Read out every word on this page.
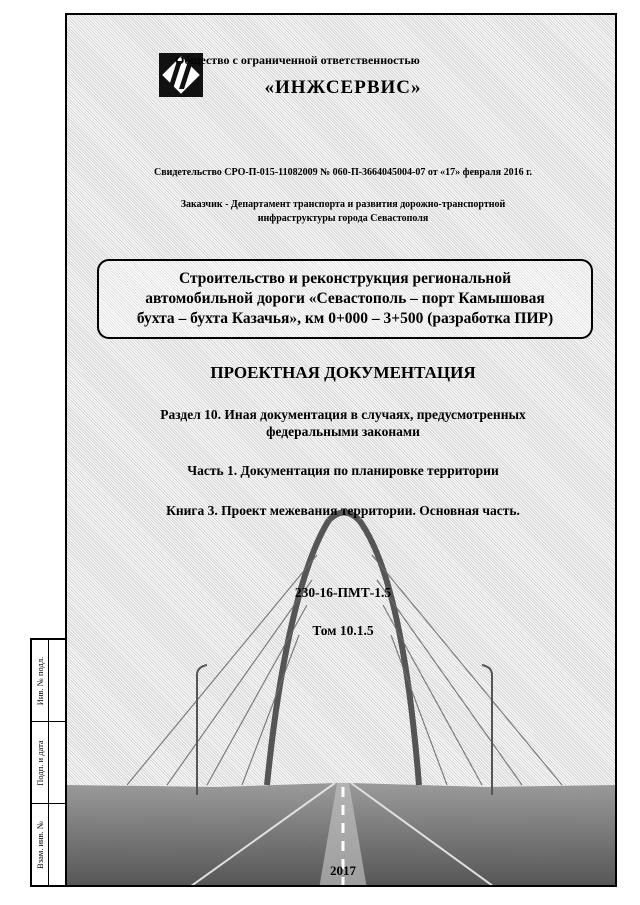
Общество с ограниченной ответственностью
«ИНЖСЕРВИС»
Свидетельство СРО-П-015-11082009 № 060-П-3664045004-07 от «17» февраля 2016 г.
Заказчик - Департамент транспорта и развития дорожно-транспортной
инфраструктуры города Севастополя
Строительство и реконструкция региональной
автомобильной дороги «Севастополь – порт Камышовая
бухта – бухта Казачья», км 0+000 – 3+500 (разработка ПИР)
ПРОЕКТНАЯ ДОКУМЕНТАЦИЯ
Раздел 10. Иная документация в случаях, предусмотренных
федеральными законами
Часть 1. Документация по планировке территории
Книга 3. Проект межевания территории. Основная часть.
230-16-ПМТ-1.5
Том 10.1.5
2017
Инв. № подл.
Подп. и дата
Взам. инв. №
